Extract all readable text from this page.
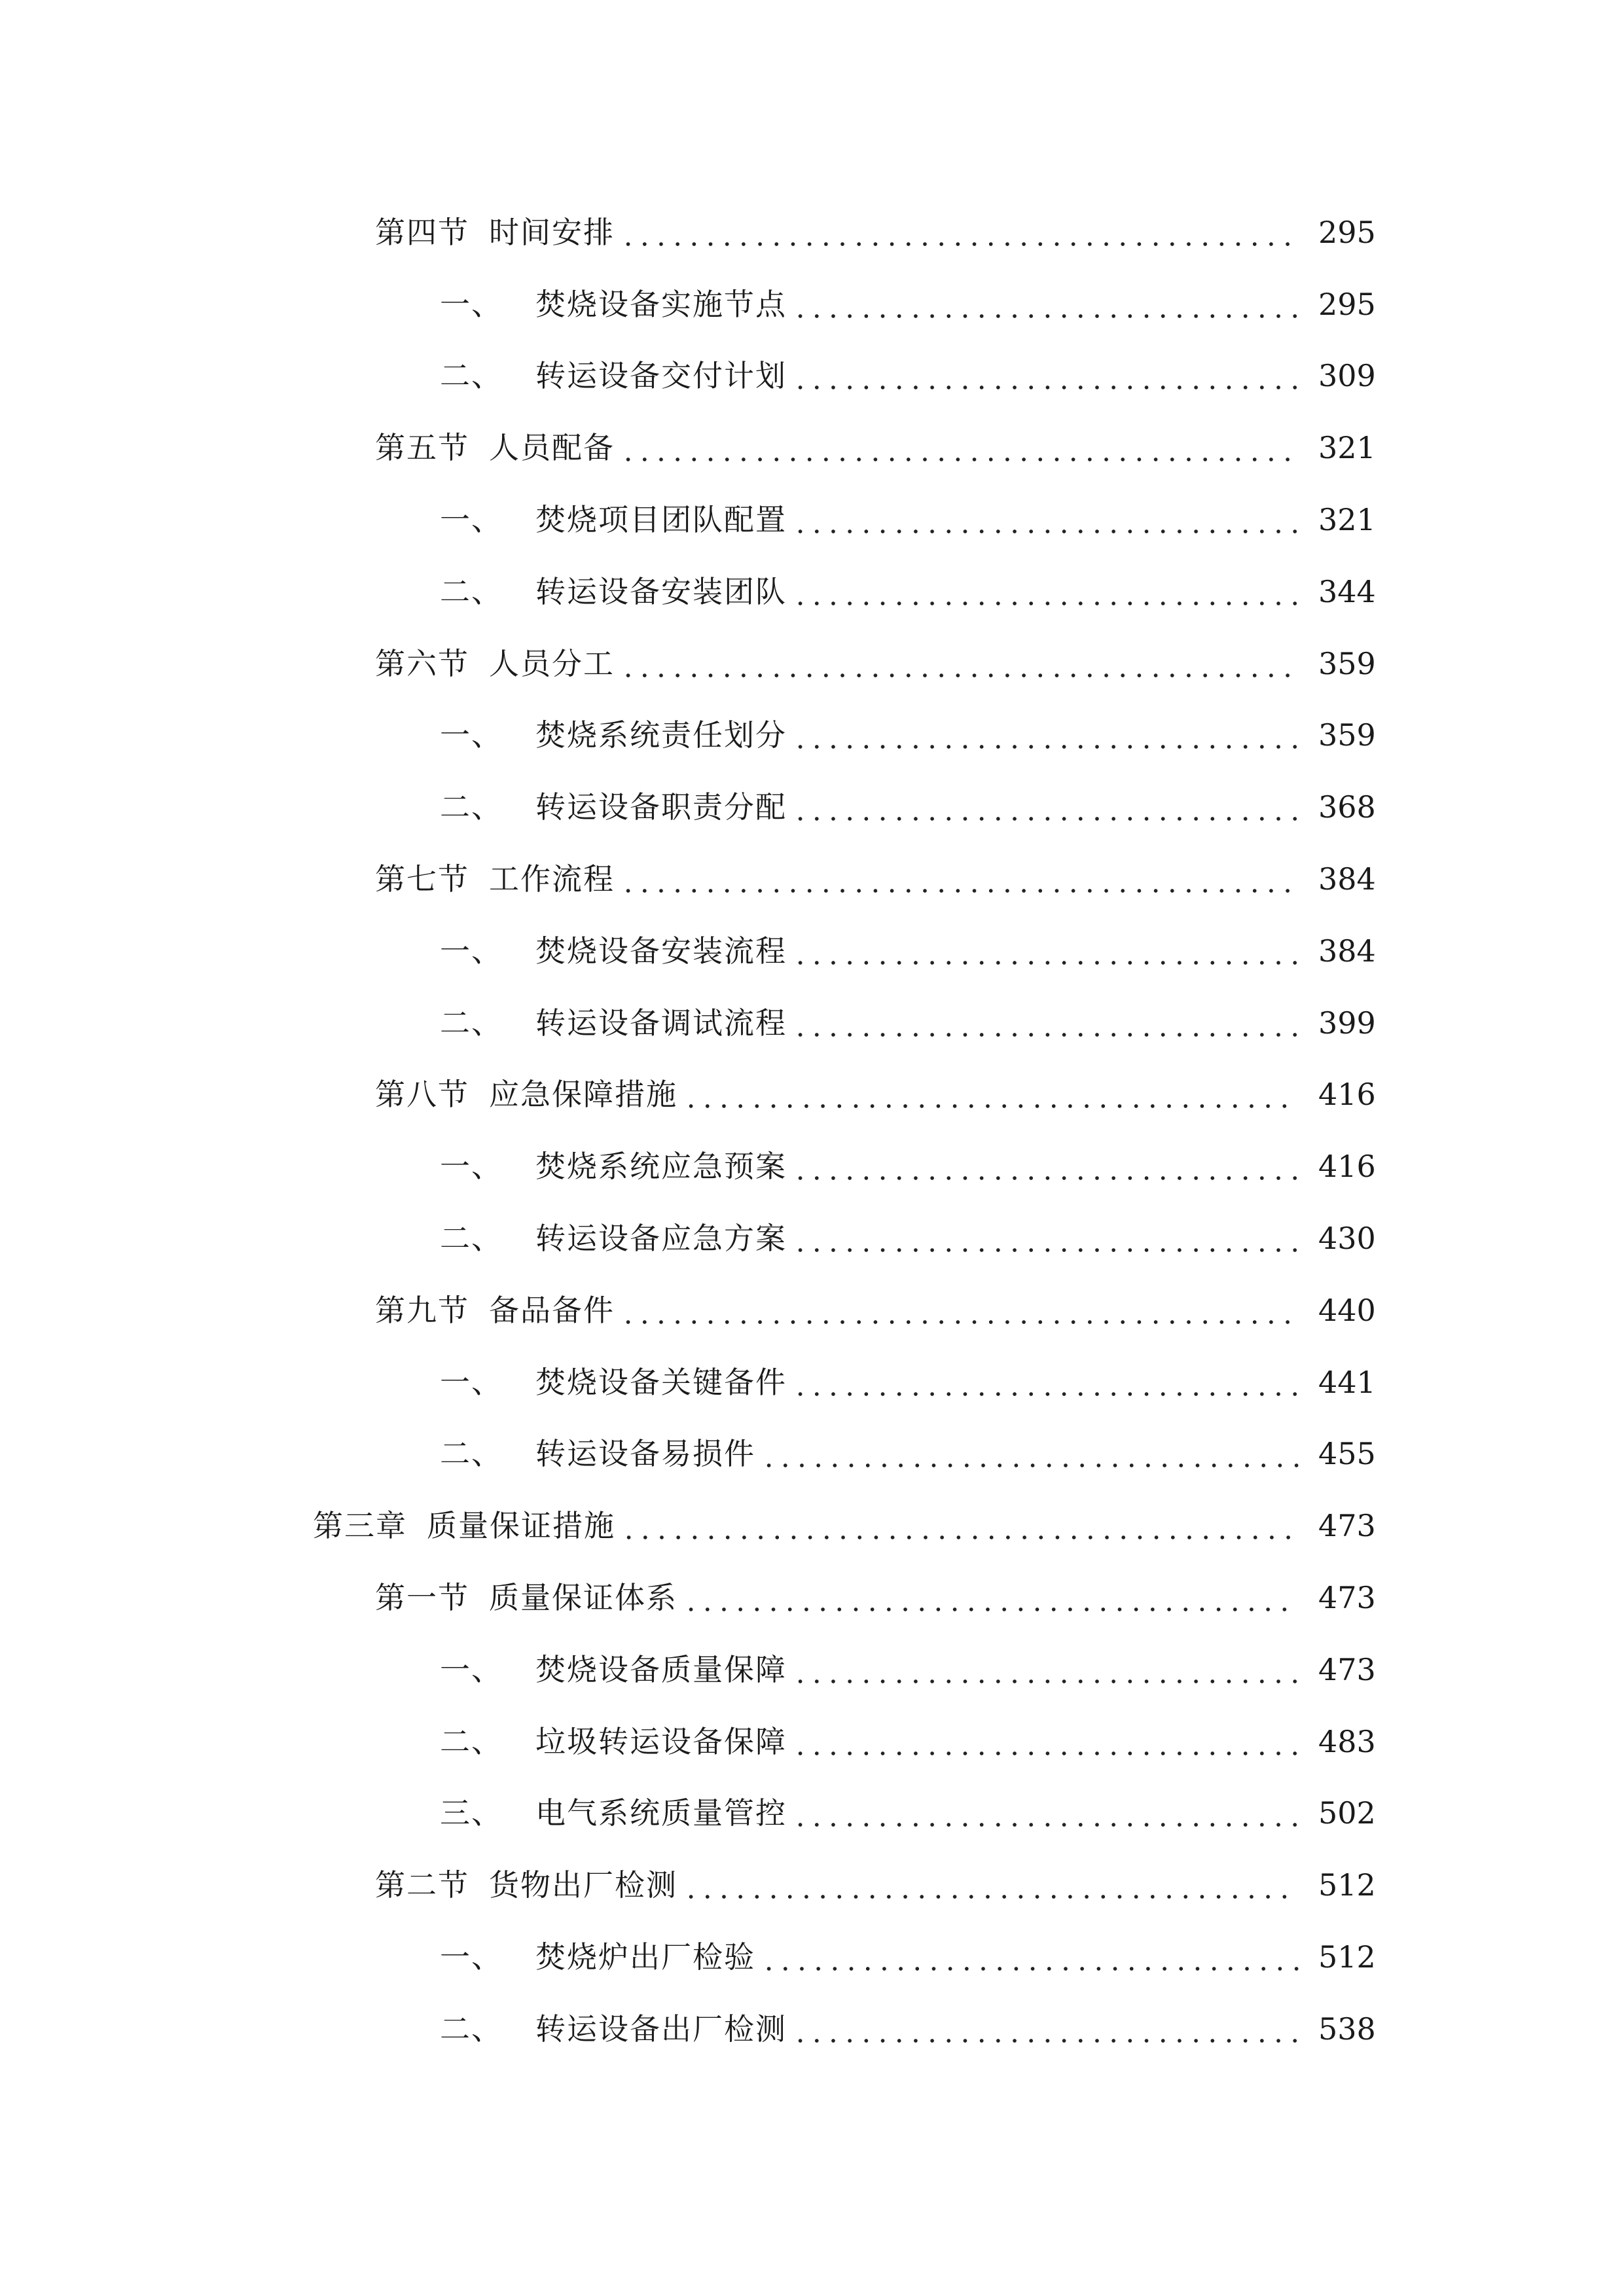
第四节 时间安排	295
一、 焚烧设备实施节点	295
二、 转运设备交付计划	309
第五节 人员配备	321
一、 焚烧项目团队配置	321
二、 转运设备安装团队	344
第六节 人员分工	359
一、 焚烧系统责任划分	359
二、 转运设备职责分配	368
第七节 工作流程	384
一、 焚烧设备安装流程	384
二、 转运设备调试流程	399
第八节 应急保障措施	416
一、 焚烧系统应急预案	416
二、 转运设备应急方案	430
第九节 备品备件	440
一、 焚烧设备关键备件	441
二、 转运设备易损件	455
第三章 质量保证措施	473
第一节 质量保证体系	473
一、 焚烧设备质量保障	473
二、 垃圾转运设备保障	483
三、 电气系统质量管控	502
第二节 货物出厂检测	512
一、 焚烧炉出厂检验	512
二、 转运设备出厂检测	538
